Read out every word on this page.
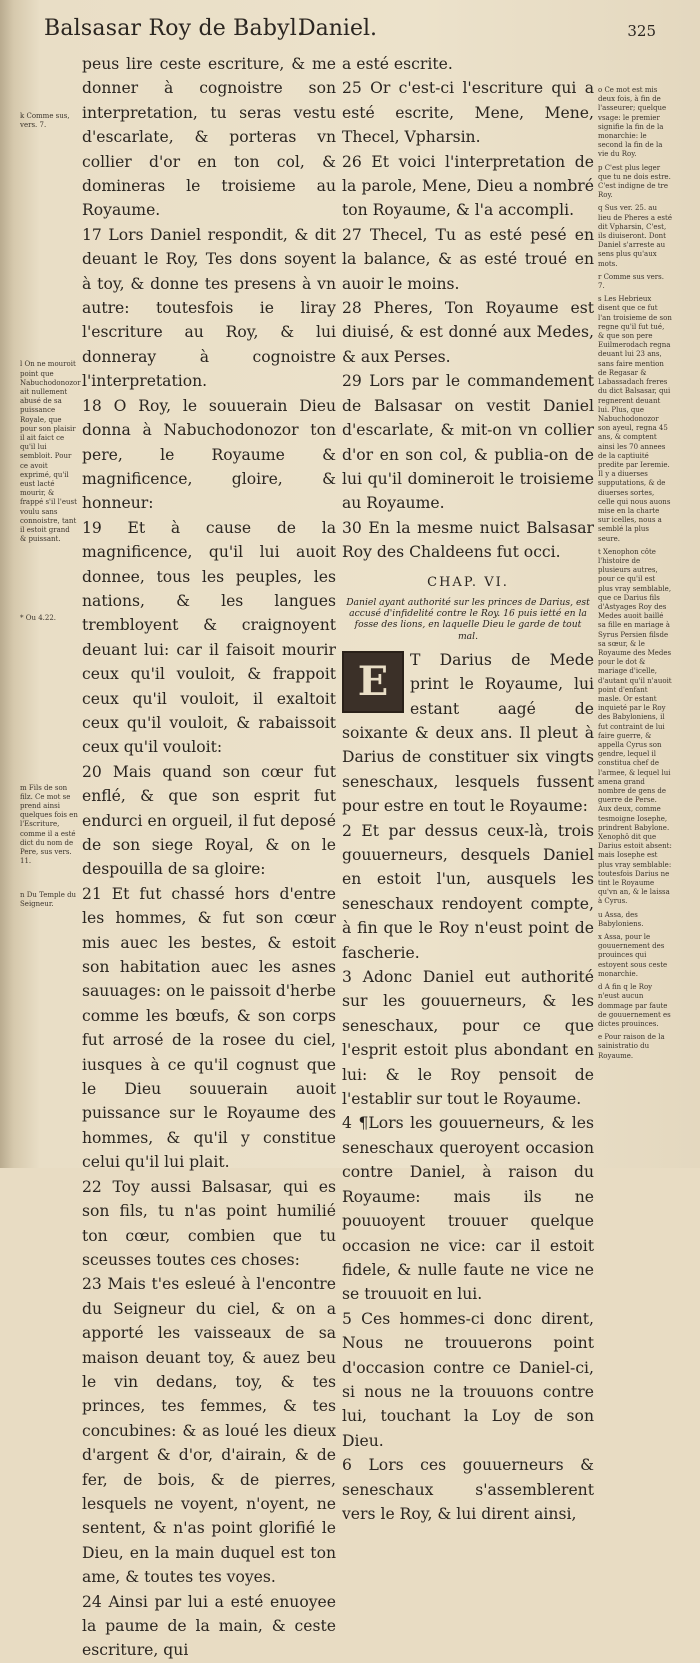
Balsasar Roy de Babyl.
Daniel.	325

k Comme sus, vers. 7.

l On ne mouroit point que Nabuchodonozor ait nullement abusé de sa puissance Royale, que pour son plaisir il ait faict ce qu'il lui sembloit. Pour ce avoit exprimé, qu'il eust lacté mourir, & frappé s'il l'eust voulu sans connoistre, tant il estoit grand & puissant.

* Ou 4.22.

m Fils de son filz. Ce mot se prend ainsi quelques fois en l'Escriture, comme il a esté dict du nom de Pere, sus vers. 11.

n Du Temple du Seigneur.

peus lire ceste escriture, & me donner à cognoistre son interpretation, tu seras vestu d'escarlate, & porteras vn collier d'or en ton col, & domineras le troisieme au Royaume.

17 Lors Daniel respondit, & dit deuant le Roy, Tes dons soyent à toy, & donne tes presens à vn autre: toutesfois ie liray l'escriture au Roy, & lui donneray à cognoistre l'interpretation.

18 O Roy, le souuerain Dieu donna à Nabuchodonozor ton pere, le Royaume & magnificence, gloire, & honneur:

19 Et à cause de la magnificence, qu'il lui auoit donnee, tous les peuples, les nations, & les langues trembloyent & craignoyent deuant lui: car il faisoit mourir ceux qu'il vouloit, & frappoit ceux qu'il vouloit, il exaltoit ceux qu'il vouloit, & rabaissoit ceux qu'il vouloit:

20 Mais quand son cœur fut enflé, & que son esprit fut endurci en orgueil, il fut deposé de son siege Royal, & on le despouilla de sa gloire:

21 Et fut chassé hors d'entre les hommes, & fut son cœur mis auec les bestes, & estoit son habitation auec les asnes sauuages: on le paissoit d'herbe comme les bœufs, & son corps fut arrosé de la rosee du ciel, iusques à ce qu'il cognust que le Dieu souuerain auoit puissance sur le Royaume des hommes, & qu'il y constitue celui qu'il lui plait.

22 Toy aussi Balsasar, qui es son fils, tu n'as point humilié ton cœur, combien que tu sceusses toutes ces choses:

23 Mais t'es esleué à l'encontre du Seigneur du ciel, & on a apporté les vaisseaux de sa maison deuant toy, & auez beu le vin dedans, toy, & tes princes, tes femmes, & tes concubines: & as loué les dieux d'argent & d'or, d'airain, & de fer, de bois, & de pierres, lesquels ne voyent, n'oyent, ne sentent, & n'as point glorifié le Dieu, en la main duquel est ton ame, & toutes tes voyes.

24 Ainsi par lui a esté enuoyee la paume de la main, & ceste escriture, qui

a esté escrite.

25 Or c'est-ci l'escriture qui a esté escrite, Mene, Mene, Thecel, Vpharsin.

26 Et voici l'interpretation de la parole, Mene, Dieu a nombré ton Royaume, & l'a accompli.

27 Thecel, Tu as esté pesé en la balance, & as esté troué en auoir le moins.

28 Pheres, Ton Royaume est diuisé, & est donné aux Medes, & aux Perses.

29 Lors par le commandement de Balsasar on vestit Daniel d'escarlate, & mit-on vn collier d'or en son col, & publia-on de lui qu'il domineroit le troisieme au Royaume.

30 En la mesme nuict Balsasar Roy des Chaldeens fut occi.

CHAP. VI.
Daniel ayant authorité sur les princes de Darius, est accusé d'infidelité contre le Roy. 16 puis ietté en la fosse des lions, en laquelle Dieu le garde de tout mal.

E	T Darius de Mede print le Royaume, lui estant aagé de soixante & deux ans. Il pleut à Darius de constituer six vingts seneschaux, lesquels fussent pour estre en tout le Royaume:

2 Et par dessus ceux-là, trois gouuerneurs, desquels Daniel en estoit l'un, ausquels les seneschaux rendoyent compte, à fin que le Roy n'eust point de fascherie.

3 Adonc Daniel eut authorité sur les gouuerneurs, & les seneschaux, pour ce que l'esprit estoit plus abondant en lui: & le Roy pensoit de l'establir sur tout le Royaume.

4 ¶Lors les gouuerneurs, & les seneschaux queroyent occasion contre Daniel, à raison du Royaume: mais ils ne pouuoyent trouuer quelque occasion ne vice: car il estoit fidele, & nulle faute ne vice ne se trouuoit en lui.

5 Ces hommes-ci donc dirent, Nous ne trouuerons point d'occasion contre ce Daniel-ci, si nous ne la trouuons contre lui, touchant la Loy de son Dieu.

6 Lors ces gouuerneurs & seneschaux s'assemblerent vers le Roy, & lui dirent ainsi,

o Ce mot est mis deux fois, à fin de l'asseurer; quelque vsage: le premier signifie la fin de la monarchie: le second la fin de la vie du Roy.

p C'est plus leger que tu ne dois estre. C'est indigne de tre Roy.

q Sus ver. 25. au lieu de Pheres a esté dit Vpharsin, C'est, ils diuiseront. Dont Daniel s'arreste au sens plus qu'aux mots.

r Comme sus vers. 7.

s Les Hebrieux disent que ce fut l'an troisieme de son regne qu'il fut tué, & que son pere Euilmerodach regna deuant lui 23 ans, sans faire mention de Regasar & Labassadach freres du dict Balsasar, qui regnerent deuant lui. Plus, que Nabuchodonozor son ayeul, regna 45 ans, & comptent ainsi les 70 annees de la captiuité predite par Ieremie. Il y a diuerses supputations, & de diuerses sortes, celle qui nous auons mise en la charte sur icelles, nous a semblé la plus seure.

t Xenophon côte l'histoire de plusieurs autres, pour ce qu'il est plus vray semblable, que ce Darius fils d'Astyages Roy des Medes auoit baillé sa fille en mariage à Syrus Persien filsde sa sœur, & le Royaume des Medes pour le dot & mariage d'icelle, d'autant qu'il n'auoit point d'enfant masle. Or estant inquieté par le Roy des Babyloniens, il fut contraint de lui faire guerre, & appella Cyrus son gendre, lequel il constitua chef de l'armee, & lequel lui amena grand nombre de gens de guerre de Perse. Aux deux, comme tesmoigne Iosephe, prindrent Babylone. Xenophô dit que Darius estoit absent: mais Iosephe est plus vray semblable: toutesfois Darius ne tint le Royaume qu'vn an, & le laissa à Cyrus.

u Assa, des Babyloniens.

x Assa, pour le gouuernement des prouinces qui estoyent sous ceste monarchie.

d A fin q le Roy n'eust aucun dommage par faute de gouuernement es dictes prouinces.

e Pour raison de la sainistratio du Royaume.
